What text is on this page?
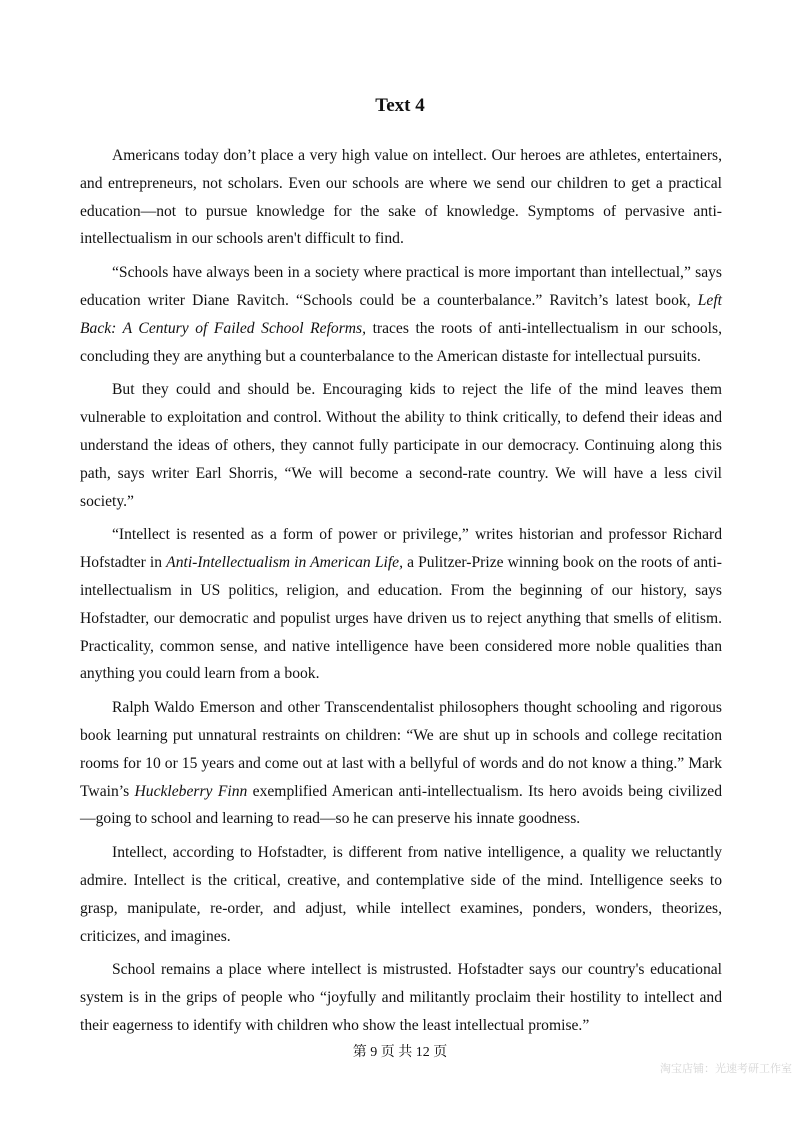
Text 4

Americans today don’t place a very high value on intellect. Our heroes are athletes, entertainers, and entrepreneurs, not scholars. Even our schools are where we send our children to get a practical education—not to pursue knowledge for the sake of knowledge. Symptoms of pervasive anti-intellectualism in our schools aren't difficult to find.

“Schools have always been in a society where practical is more important than intellectual,” says education writer Diane Ravitch. “Schools could be a counterbalance.” Ravitch’s latest book, Left Back: A Century of Failed School Reforms, traces the roots of anti-intellectualism in our schools, concluding they are anything but a counterbalance to the American distaste for intellectual pursuits.

But they could and should be. Encouraging kids to reject the life of the mind leaves them vulnerable to exploitation and control. Without the ability to think critically, to defend their ideas and understand the ideas of others, they cannot fully participate in our democracy. Continuing along this path, says writer Earl Shorris, “We will become a second-rate country. We will have a less civil society.”

“Intellect is resented as a form of power or privilege,” writes historian and professor Richard Hofstadter in Anti-Intellectualism in American Life, a Pulitzer-Prize winning book on the roots of anti-intellectualism in US politics, religion, and education. From the beginning of our history, says Hofstadter, our democratic and populist urges have driven us to reject anything that smells of elitism. Practicality, common sense, and native intelligence have been considered more noble qualities than anything you could learn from a book.

Ralph Waldo Emerson and other Transcendentalist philosophers thought schooling and rigorous book learning put unnatural restraints on children: “We are shut up in schools and college recitation rooms for 10 or 15 years and come out at last with a bellyful of words and do not know a thing.” Mark Twain’s Huckleberry Finn exemplified American anti-intellectualism. Its hero avoids being civilized—going to school and learning to read—so he can preserve his innate goodness.

Intellect, according to Hofstadter, is different from native intelligence, a quality we reluctantly admire. Intellect is the critical, creative, and contemplative side of the mind. Intelligence seeks to grasp, manipulate, re-order, and adjust, while intellect examines, ponders, wonders, theorizes, criticizes, and imagines.

School remains a place where intellect is mistrusted. Hofstadter says our country's educational system is in the grips of people who “joyfully and militantly proclaim their hostility to intellect and their eagerness to identify with children who show the least intellectual promise.”

第 9 页 共 12 页
淘宝店铺：光速考研工作室
